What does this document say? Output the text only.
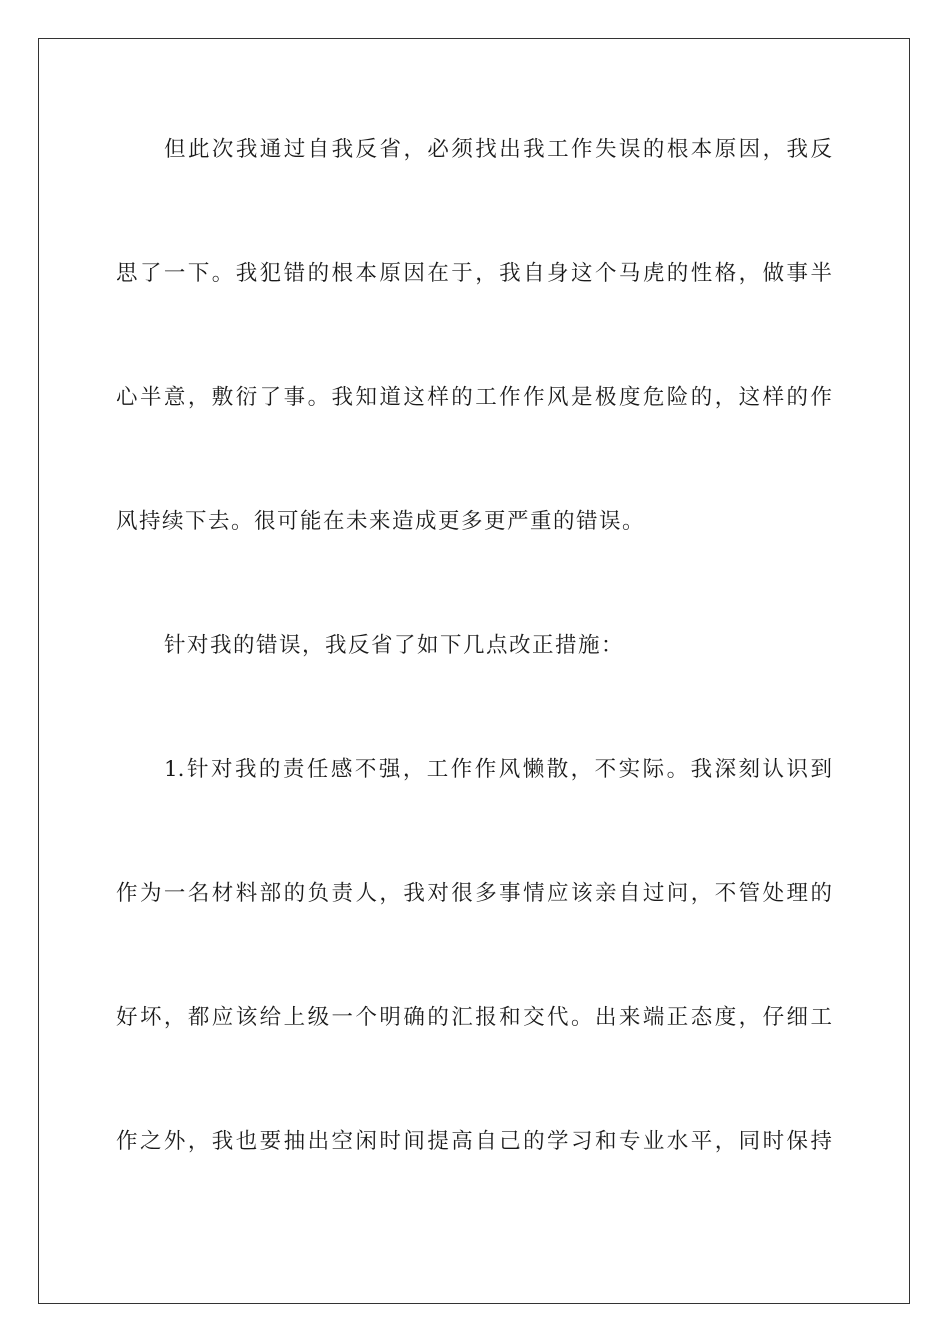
但此次我通过自我反省，必须找出我工作失误的根本原因，我反
思了一下。我犯错的根本原因在于，我自身这个马虎的性格，做事半
心半意，敷衍了事。我知道这样的工作作风是极度危险的，这样的作
风持续下去。很可能在未来造成更多更严重的错误。
针对我的错误，我反省了如下几点改正措施：
1.针对我的责任感不强，工作作风懒散，不实际。我深刻认识到
作为一名材料部的负责人，我对很多事情应该亲自过问，不管处理的
好坏，都应该给上级一个明确的汇报和交代。出来端正态度，仔细工
作之外，我也要抽出空闲时间提高自己的学习和专业水平，同时保持
